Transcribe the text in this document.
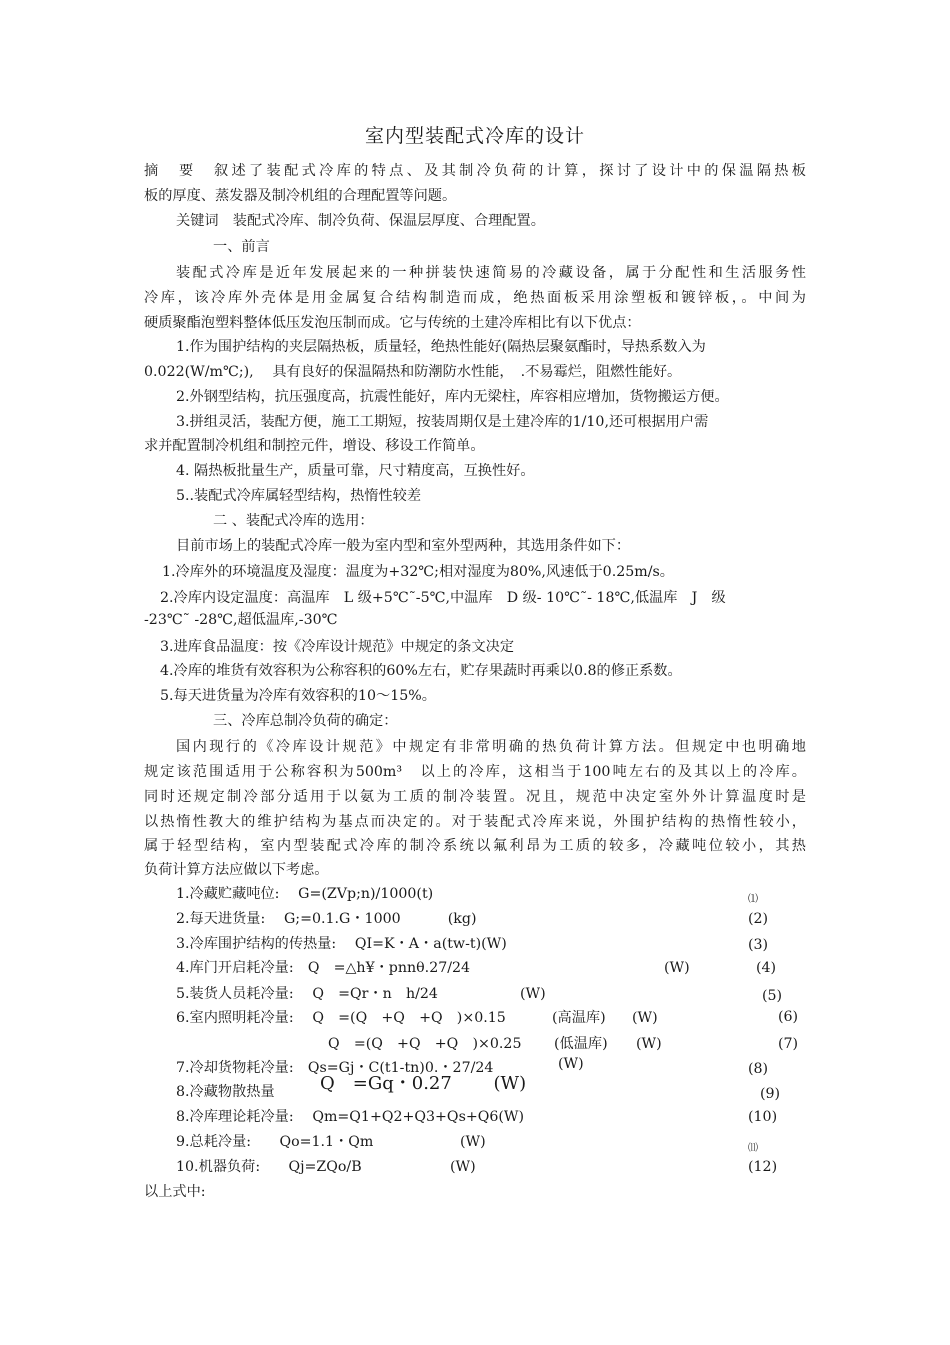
室内型装配式冷库的设计
摘　要　叙述了装配式冷库的特点、及其制冷负荷的计算，探讨了设计中的保温隔热板
板的厚度、蒸发器及制冷机组的合理配置等问题。
关键词　装配式冷库、制冷负荷、保温层厚度、合理配置。
一、前言
装配式冷库是近年发展起来的一种拼装快速简易的冷藏设备，属于分配性和生活服务性
冷库，该冷库外壳体是用金属复合结构制造而成，绝热面板采用涂塑板和镀锌板，。中间为
硬质聚酯泡塑料整体低压发泡压制而成。它与传统的土建冷库相比有以下优点：
1.作为围护结构的夹层隔热板，质量轻，绝热性能好(隔热层聚氨酯时，导热系数入为
0.022(W/m℃;),　 具有良好的保温隔热和防潮防水性能，　.不易霉烂，阻燃性能好。
2.外钢型结构，抗压强度高，抗震性能好，库内无梁柱，库容相应增加，货物搬运方便。
3.拼组灵活，装配方便，施工工期短，按装周期仅是土建冷库的1/10,还可根据用户需
求并配置制冷机组和制控元件，增设、移设工作简单。
4. 隔热板批量生产，质量可靠，尺寸精度高，互换性好。
5..装配式冷库属轻型结构，热惰性较差
二 、装配式冷库的选用：
目前市场上的装配式冷库一般为室内型和室外型两种，其选用条件如下：
1.冷库外的环境温度及湿度：温度为+32℃;相对湿度为80%,风速低于0.25m/s。
2.冷库内设定温度：高温库　L 级+5℃˜-5℃,中温库　D 级- 10℃˜- 18℃,低温库　J　级
-23℃˜ -28℃,超低温库,-30℃
3.进库食品温度：按《冷库设计规范》中规定的条文决定
4.冷库的堆货有效容积为公称容积的60%左右，贮存果蔬时再乘以0.8的修正系数。
5.每天进货量为冷库有效容积的10～15%。
三、冷库总制冷负荷的确定：
国内现行的《冷库设计规范》中规定有非常明确的热负荷计算方法。但规定中也明确地
规定该范围适用于公称容积为500m³　以上的冷库，这相当于100吨左右的及其以上的冷库。
同时还规定制冷部分适用于以氨为工质的制冷装置。况且，规范中决定室外外计算温度时是
以热惰性教大的维护结构为基点而决定的。对于装配式冷库来说，外围护结构的热惰性较小，
属于轻型结构，室内型装配式冷库的制冷系统以氟利昂为工质的较多，冷藏吨位较小，其热
负荷计算方法应做以下考虑。
1.冷藏贮藏吨位:　 G=(ZVp;n)/1000(t)	⑴
2.每天进货量:　 G;=0.1.G・1000　　　 (kg)	(2)
3.冷库围护结构的传热量:　 QI=K・A・a(tw-t)(W)	(3)
4.库门开启耗冷量:　Q　=△h¥・pnnθ.27/24	(W)	(4)
5.装货人员耗冷量:　 Q　=Qr・n　h/24	(W)	(5)
6.室内照明耗冷量:　 Q　=(Q　+Q　+Q　)×0.15	(高温库) (W)	(6)
Q　=(Q　+Q　+Q　)×0.25 (低温库) (W)	(7)
7.冷却货物耗冷量:　Qs=Gj・C(t1-tn)0.・27/24	(W)	(8)
8.冷藏物散热量	Q　=Gq・0.27　　 (W)	(9)
8.冷库理论耗冷量:　 Qm=Q1+Q2+Q3+Qs+Q6(W)	(10)
9.总耗冷量:　　Qo=1.1・Qm	(W)	⑾
10.机器负荷:　　Qj=ZQo/B	(W)	(12)
以上式中:
